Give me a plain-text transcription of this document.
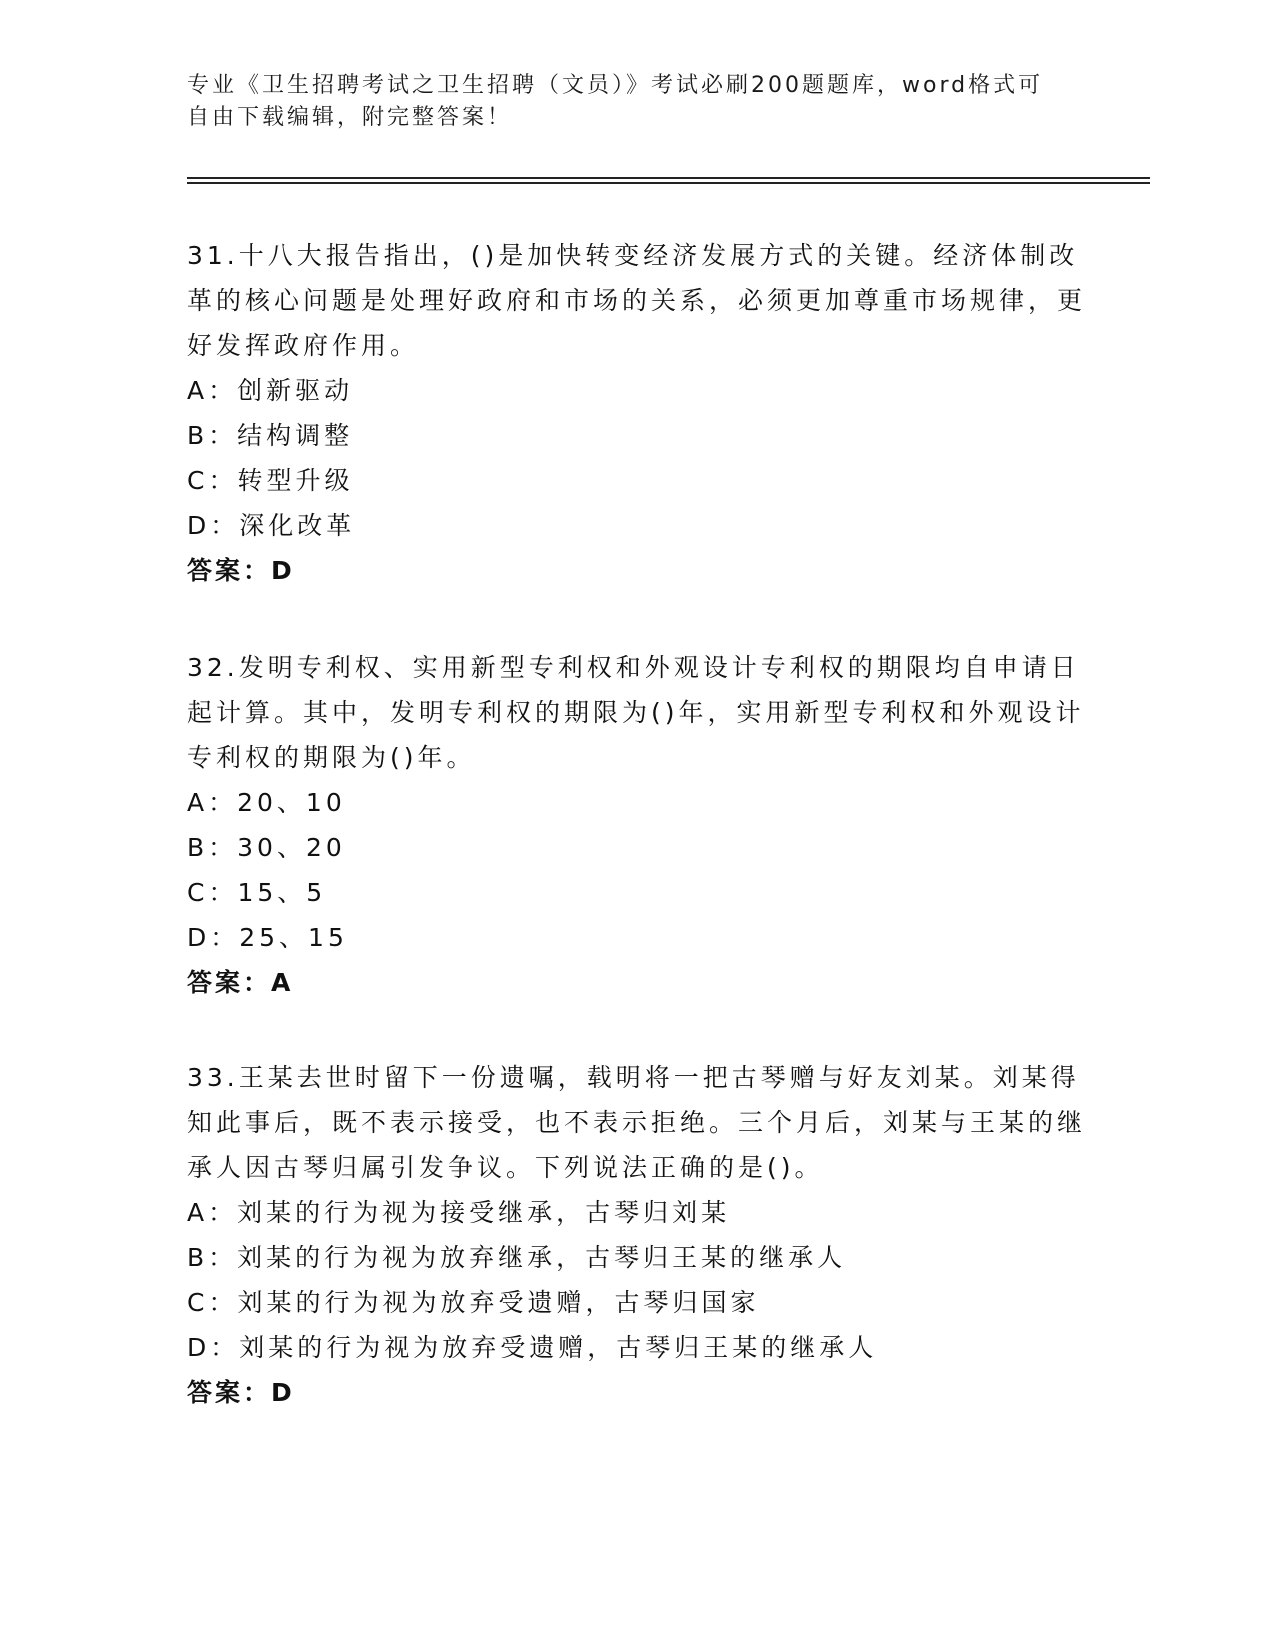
专业《卫生招聘考试之卫生招聘（文员）》考试必刷200题题库，word格式可自由下载编辑，附完整答案！

31.十八大报告指出，()是加快转变经济发展方式的关键。经济体制改革的核心问题是处理好政府和市场的关系，必须更加尊重市场规律，更好发挥政府作用。

A：创新驱动

B：结构调整

C：转型升级

D：深化改革

答案：D

32.发明专利权、实用新型专利权和外观设计专利权的期限均自申请日起计算。其中，发明专利权的期限为()年，实用新型专利权和外观设计专利权的期限为()年。

A：20、10

B：30、20

C：15、5

D：25、15

答案：A

33.王某去世时留下一份遗嘱，载明将一把古琴赠与好友刘某。刘某得知此事后，既不表示接受，也不表示拒绝。三个月后，刘某与王某的继承人因古琴归属引发争议。下列说法正确的是()。

A：刘某的行为视为接受继承，古琴归刘某

B：刘某的行为视为放弃继承，古琴归王某的继承人

C：刘某的行为视为放弃受遗赠，古琴归国家

D：刘某的行为视为放弃受遗赠，古琴归王某的继承人

答案：D
